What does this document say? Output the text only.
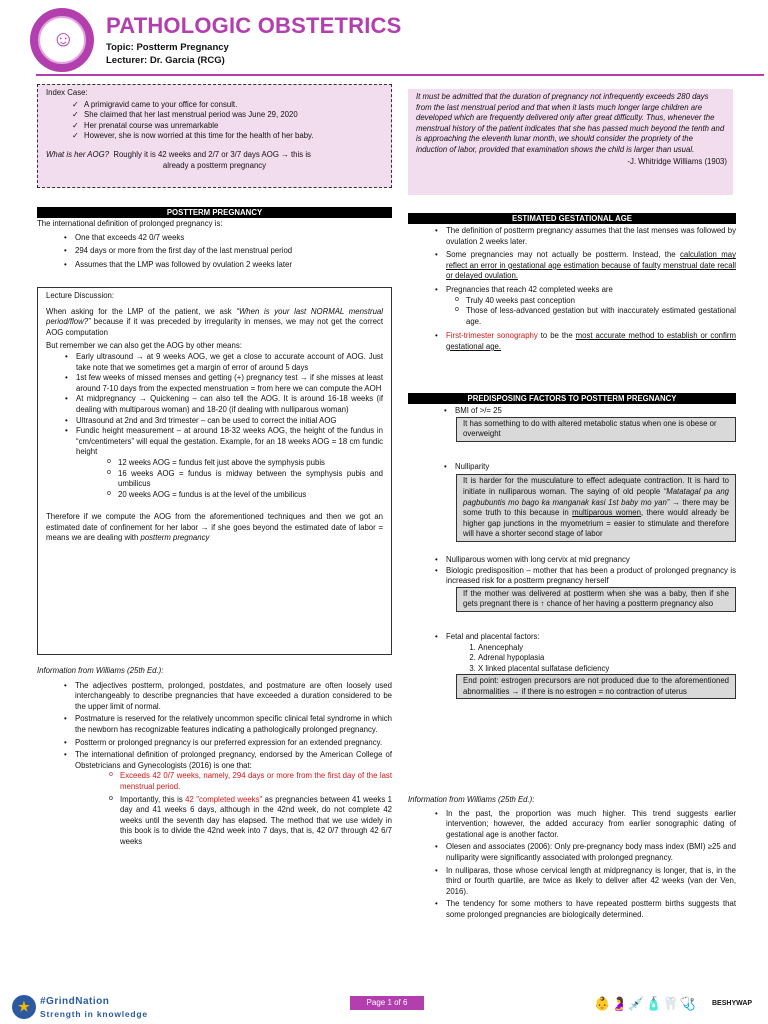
☺
PATHOLOGIC OBSTETRICS
Topic: Postterm Pregnancy
Lecturer: Dr. Garcia (RCG)
Index Case:
✓ A primigravid came to your office for consult.
✓ She claimed that her last menstrual period was June 29, 2020
✓ Her prenatal course was unremarkable
✓ However, she is now worried at this time for the health of her baby.
What is her AOG? Roughly it is 42 weeks and 2/7 or 3/7 days AOG → this is
already a postterm pregnancy
It must be admitted that the duration of pregnancy not infrequently exceeds 280 days from the last menstrual period and that when it lasts much longer large children are developed which are frequently delivered only after great difficulty. Thus, whenever the menstrual history of the patient indicates that she has passed much beyond the tenth and is approaching the eleventh lunar month, we should consider the propriety of the induction of labor, provided that examination shows the child is larger than usual.
-J. Whitridge Williams (1903)
POSTTERM PREGNANCY
The international definition of prolonged pregnancy is:
• One that exceeds 42 0/7 weeks
• 294 days or more from the first day of the last menstrual period
• Assumes that the LMP was followed by ovulation 2 weeks later
Lecture Discussion:
When asking for the LMP of the patient, we ask “When is your last NORMAL menstrual period/flow?” because if it was preceded by irregularity in menses, we may not get the correct AOG computation
But remember we can also get the AOG by other means:
• Early ultrasound → at 9 weeks AOG, we get a close to accurate account of AOG. Just take note that we sometimes get a margin of error of around 5 days
• 1st few weeks of missed menses and getting (+) pregnancy test → if she misses at least around 7-10 days from the expected menstruation = from here we can compute the AOH
• At midpregnancy → Quickening – can also tell the AOG. It is around 16-18 weeks (if dealing with multiparous woman) and 18-20 (if dealing with nulliparous woman)
• Ultrasound at 2nd and 3rd trimester – can be used to correct the initial AOG
• Fundic height measurement – at around 18-32 weeks AOG, the height of the fundus in “cm/centimeters” will equal the gestation. Example, for an 18 weeks AOG = 18 cm fundic height
o 12 weeks AOG = fundus felt just above the symphysis pubis
o 16 weeks AOG = fundus is midway between the symphysis pubis and umbilicus
o 20 weeks AOG = fundus is at the level of the umbilicus
Therefore if we compute the AOG from the aforementioned techniques and then we got an estimated date of confinement for her labor → if she goes beyond the estimated date of labor = means we are dealing with postterm pregnancy
Information from Williams (25th Ed.):
• The adjectives postterm, prolonged, postdates, and postmature are often loosely used interchangeably to describe pregnancies that have exceeded a duration considered to be the upper limit of normal.
• Postmature is reserved for the relatively uncommon specific clinical fetal syndrome in which the newborn has recognizable features indicating a pathologically prolonged pregnancy.
• Postterm or prolonged pregnancy is our preferred expression for an extended pregnancy.
• The international definition of prolonged pregnancy, endorsed by the American College of Obstetricians and Gynecologists (2016) is one that:
o Exceeds 42 0/7 weeks, namely, 294 days or more from the first day of the last menstrual period.
o Importantly, this is 42 "completed weeks" as pregnancies between 41 weeks 1 day and 41 weeks 6 days, although in the 42nd week, do not complete 42 weeks until the seventh day has elapsed. The method that we use widely in this book is to divide the 42nd week into 7 days, that is, 42 0/7 through 42 6/7 weeks
ESTIMATED GESTATIONAL AGE
• The definition of postterm pregnancy assumes that the last menses was followed by ovulation 2 weeks later.
• Some pregnancies may not actually be postterm. Instead, the calculation may reflect an error in gestational age estimation because of faulty menstrual date recall or delayed ovulation.
• Pregnancies that reach 42 completed weeks are
o Truly 40 weeks past conception
o Those of less-advanced gestation but with inaccurately estimated gestational age.
• First-trimester sonography to be the most accurate method to establish or confirm gestational age.
PREDISPOSING FACTORS TO POSTTERM PREGNANCY
• BMI of >/= 25
It has something to do with altered metabolic status when one is obese or overweight
• Nulliparity
It is harder for the musculature to effect adequate contraction. It is hard to initiate in nulliparous woman. The saying of old people “Matatagal pa ang pagbubuntis mo bago ka manganak kasi 1st baby mo yan” → there may be some truth to this because in multiparous women, there would already be higher gap junctions in the myometrium = easier to stimulate and therefore will have a shorter second stage of labor
• Nulliparous women with long cervix at mid pregnancy
• Biologic predisposition – mother that has been a product of prolonged pregnancy is increased risk for a postterm pregnancy herself
If the mother was delivered at postterm when she was a baby, then if she gets pregnant there is ↑ chance of her having a postterm pregnancy also
• Fetal and placental factors:
1. Anencephaly
2. Adrenal hypoplasia
3. X linked placental sulfatase deficiency
End point: estrogen precursors are not produced due to the aforementioned abnormalities → if there is no estrogen = no contraction of uterus
Information from Williams (25th Ed.):
• In the past, the proportion was much higher. This trend suggests earlier intervention; however, the added accuracy from earlier sonographic dating of gestational age is another factor.
• Olesen and associates (2006): Only pre-pregnancy body mass index (BMI) ≥25 and nulliparity were significantly associated with prolonged pregnancy.
• In nulliparas, those whose cervical length at midpregnancy is longer, that is, in the third or fourth quartile, are twice as likely to deliver after 42 weeks (van der Ven, 2016).
• The tendency for some mothers to have repeated postterm births suggests that some prolonged pregnancies are biologically determined.
★	#GrindNation
Strength in knowledge
Page 1 of 6	👶🤰💉🧴🦷🩺 BESHYWAP
